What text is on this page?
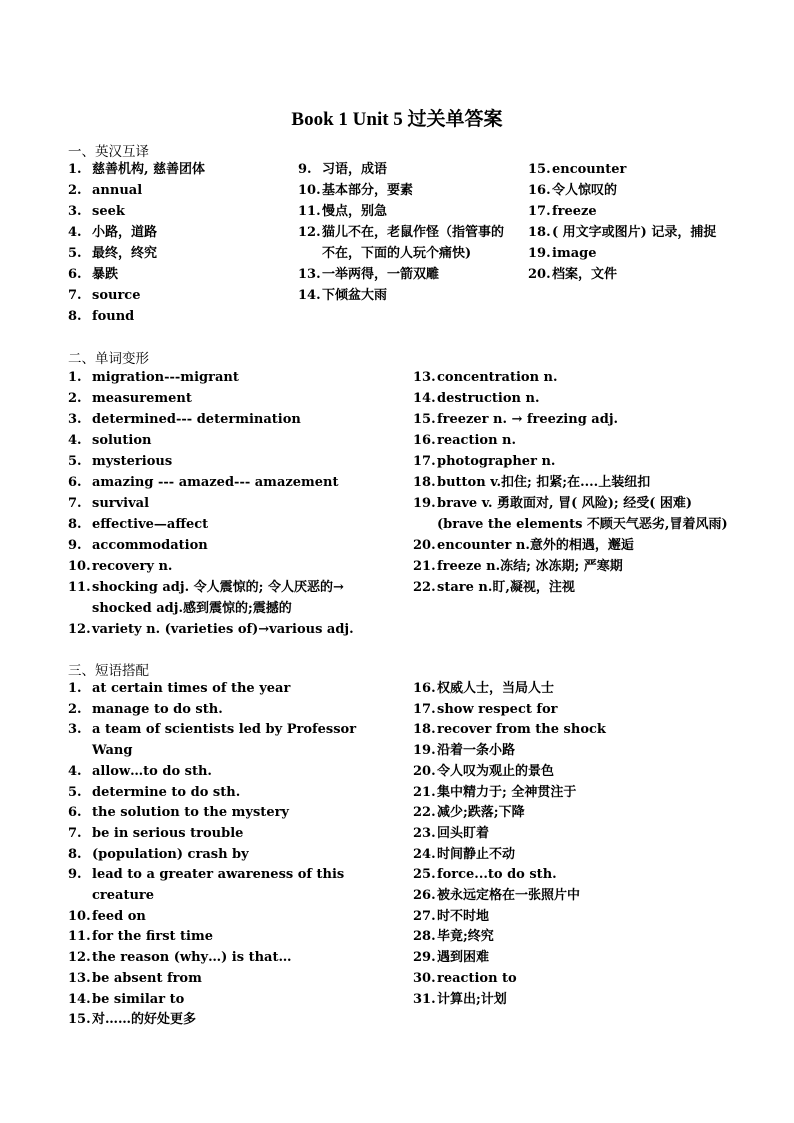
Book 1 Unit 5 过关单答案
一、英汉互译
1. 慈善机构, 慈善团体
2. annual
3. seek
4. 小路，道路
5. 最终，终究
6. 暴跌
7. source
8. found
9. 习语，成语
10.基本部分，要素
11.慢点，别急
12.猫儿不在，老鼠作怪（指管事的不在，下面的人玩个痛快)
13.一举两得，一箭双雕
14.下倾盆大雨
15.encounter
16.令人惊叹的
17.freeze
18.( 用文字或图片) 记录，捕捉
19.image
20.档案，文件
二、单词变形
1. migration---migrant
2. measurement
3. determined--- determination
4. solution
5. mysterious
6. amazing --- amazed--- amazement
7. survival
8. effective—affect
9. accommodation
10.recovery n.
11.shocking adj. 令人震惊的; 令人厌恶的→ shocked adj.感到震惊的;震撼的
12.variety n. (varieties of)→various adj.
13.concentration n.
14.destruction n.
15.freezer n. → freezing adj.
16.reaction n.
17.photographer n.
18.button v.扣住; 扣紧;在....上装纽扣
19.brave v. 勇敢面对, 冒( 风险); 经受( 困难) (brave the elements 不顾天气恶劣,冒着风雨)
20.encounter n.意外的相遇，邂逅
21.freeze n.冻结; 冰冻期; 严寒期
22.stare n.盯,凝视，注视
三、短语搭配
1. at certain times of the year
2. manage to do sth.
3. a team of scientists led by Professor Wang
4. allow…to do sth.
5. determine to do sth.
6. the solution to the mystery
7. be in serious trouble
8. (population) crash by
9. lead to a greater awareness of this creature
10.feed on
11.for the first time
12.the reason (why…) is that…
13.be absent from
14.be similar to
15.对……的好处更多
16.权威人士，当局人士
17.show respect for
18.recover from the shock
19.沿着一条小路
20.令人叹为观止的景色
21.集中精力于; 全神贯注于
22.减少;跌落;下降
23.回头盯着
24.时间静止不动
25.force...to do sth.
26.被永远定格在一张照片中
27.时不时地
28.毕竟;终究
29.遇到困难
30.reaction to
31.计算出;计划
